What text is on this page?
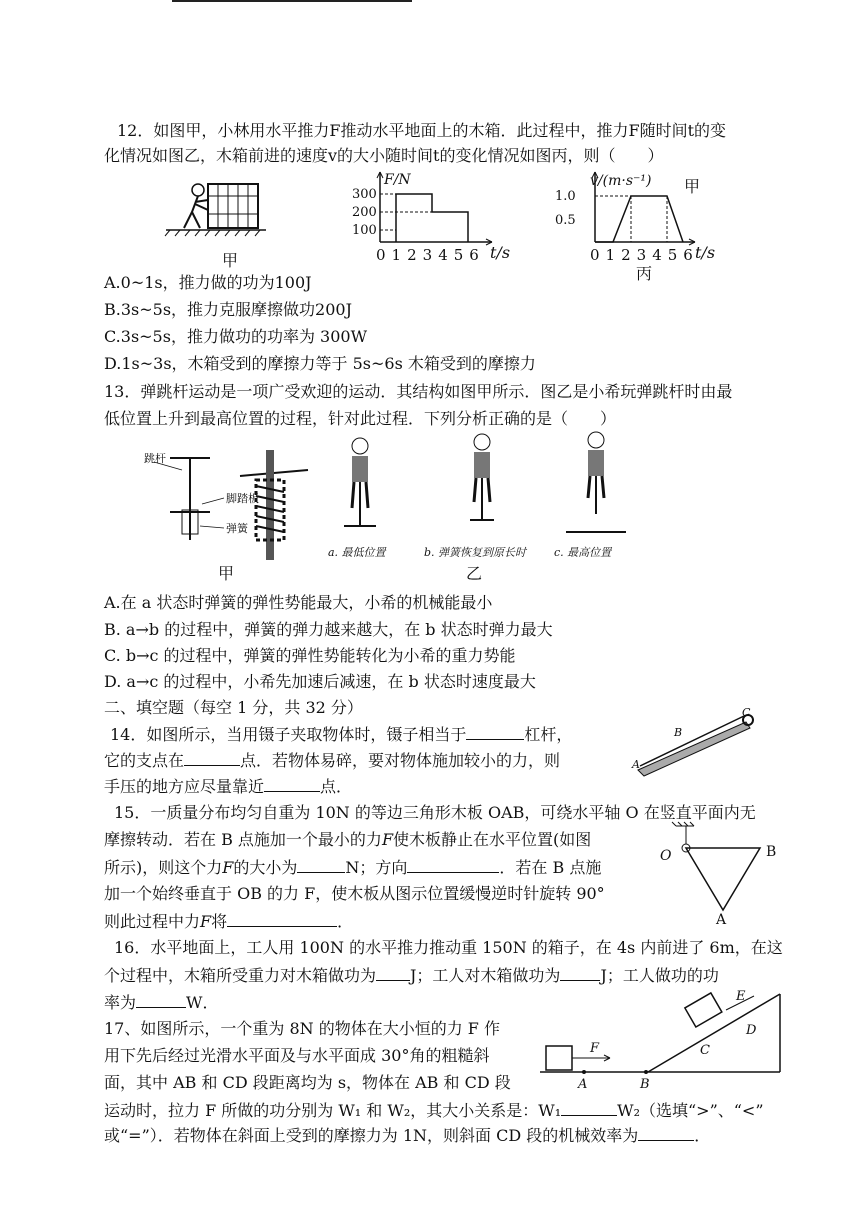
12．如图甲，小林用水平推力F推动水平地面上的木箱．此过程中，推力F随时间t的变
化情况如图乙，木箱前进的速度v的大小随时间t的变化情况如图丙，则（　　）
甲
F/N
300
200
100
0123456 t/s
1.0
0.5
v/(m·s⁻¹) 甲
0123456
t/s
丙
A.0~1s，推力做的功为100J
B.3s~5s，推力克服摩擦做功200J
C.3s~5s，推力做功的功率为 300W
D.1s~3s，木箱受到的摩擦力等于 5s~6s 木箱受到的摩擦力
13．弹跳杆运动是一项广受欢迎的运动．其结构如图甲所示．图乙是小希玩弹跳杆时由最
低位置上升到最高位置的过程，针对此过程．下列分析正确的是（　　）
跳杆
脚踏板
弹簧
甲
a. 最低位置	b. 弹簧恢复到原长时	c. 最高位置
乙
A.在 a 状态时弹簧的弹性势能最大，小希的机械能最小
B. a→b 的过程中，弹簧的弹力越来越大，在 b 状态时弹力最大
C. b→c 的过程中，弹簧的弹性势能转化为小希的重力势能
D. a→c 的过程中，小希先加速后减速，在 b 状态时速度最大
二、填空题（每空 1 分，共 32 分）
14．如图所示，当用镊子夹取物体时，镊子相当于	杠杆，
它的支点在	点．若物体易碎，要对物体施加较小的力，则
手压的地方应尽量靠近	点．
A
B
C
15．一质量分布均匀自重为 10N 的等边三角形木板 OAB，可绕水平轴 O 在竖直平面内无
摩擦转动．若在 B 点施加一个最小的力F使木板静止在水平位置(如图
所示)，则这个力F的大小为	N；方向	．若在 B 点施
加一个始终垂直于 OB 的力 F，使木板从图示位置缓慢逆时针旋转 90°
则此过程中力F将	．
O	B
A
16．水平地面上，工人用 100N 的水平推力推动重 150N 的箱子，在 4s 内前进了 6m，在这
个过程中，木箱所受重力对木箱做功为 J；工人对木箱做功为	J；工人做功的功
率为	W．
17、如图所示，一个重为 8N 的物体在大小恒的力 F 作
用下先后经过光滑水平面及与水平面成 30°角的粗糙斜
面，其中 AB 和 CD 段距离均为 s，物体在 AB 和 CD 段
运动时，拉力 F 所做的功分别为 W₁ 和 W₂，其大小关系是：W₁	W₂（选填“>”、“<”
或“=”）．若物体在斜面上受到的摩擦力为 1N，则斜面 CD 段的机械效率为	．
F
A	B
C
D
E
